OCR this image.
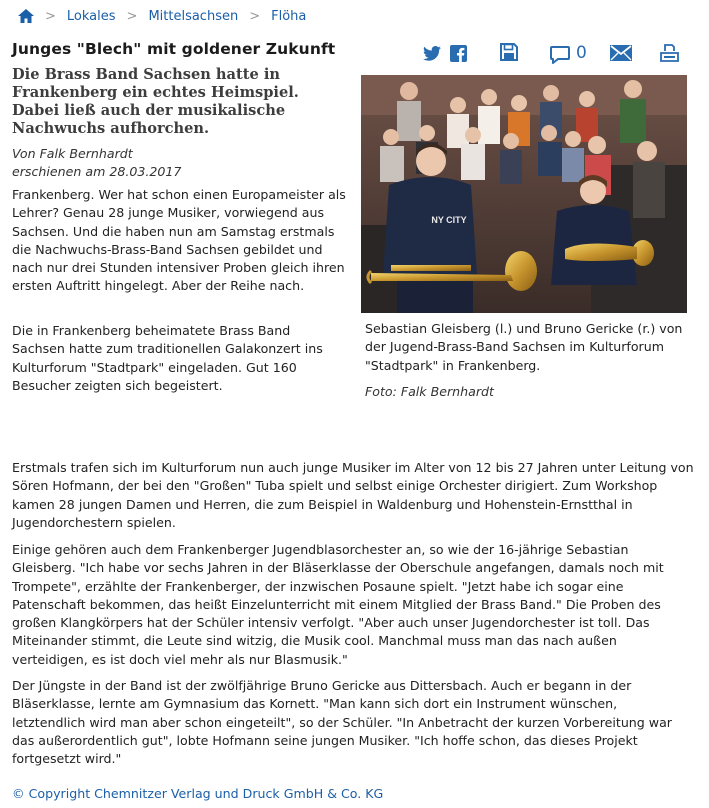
> Lokales > Mittelsachsen > Flöha
Junges "Blech" mit goldener Zukunft	0

Die Brass Band Sachsen hatte in Frankenberg ein echtes Heimspiel. Dabei ließ auch der musikalische Nachwuchs aufhorchen.

Von Falk Bernhardt
erschienen am 28.03.2017

Frankenberg. Wer hat schon einen Europameister als Lehrer? Genau 28 junge Musiker, vorwiegend aus Sachsen. Und die haben nun am Samstag erstmals die Nachwuchs-Brass-Band Sachsen gebildet und nach nur drei Stunden intensiver Proben gleich ihren ersten Auftritt hingelegt. Aber der Reihe nach.

Die in Frankenberg beheimatete Brass Band Sachsen hatte zum traditionellen Galakonzert ins Kulturforum "Stadtpark" eingeladen. Gut 160 Besucher zeigten sich begeistert.

NY CITY

Sebastian Gleisberg (l.) und Bruno Gericke (r.) von der Jugend-Brass-Band Sachsen im Kulturforum "Stadtpark" in Frankenberg.

Foto: Falk Bernhardt

Erstmals trafen sich im Kulturforum nun auch junge Musiker im Alter von 12 bis 27 Jahren unter Leitung von Sören Hofmann, der bei den "Großen" Tuba spielt und selbst einige Orchester dirigiert. Zum Workshop kamen 28 jungen Damen und Herren, die zum Beispiel in Waldenburg und Hohenstein-Ernstthal in Jugendorchestern spielen.

Einige gehören auch dem Frankenberger Jugendblasorchester an, so wie der 16-jährige Sebastian Gleisberg. "Ich habe vor sechs Jahren in der Bläserklasse der Oberschule angefangen, damals noch mit Trompete", erzählte der Frankenberger, der inzwischen Posaune spielt. "Jetzt habe ich sogar eine Patenschaft bekommen, das heißt Einzelunterricht mit einem Mitglied der Brass Band." Die Proben des großen Klangkörpers hat der Schüler intensiv verfolgt. "Aber auch unser Jugendorchester ist toll. Das Miteinander stimmt, die Leute sind witzig, die Musik cool. Manchmal muss man das nach außen verteidigen, es ist doch viel mehr als nur Blasmusik."

Der Jüngste in der Band ist der zwölfjährige Bruno Gericke aus Dittersbach. Auch er begann in der Bläserklasse, lernte am Gymnasium das Kornett. "Man kann sich dort ein Instrument wünschen, letztendlich wird man aber schon eingeteilt", so der Schüler. "In Anbetracht der kurzen Vorbereitung war das außerordentlich gut", lobte Hofmann seine jungen Musiker. "Ich hoffe schon, das dieses Projekt fortgesetzt wird."

© Copyright Chemnitzer Verlag und Druck GmbH & Co. KG
